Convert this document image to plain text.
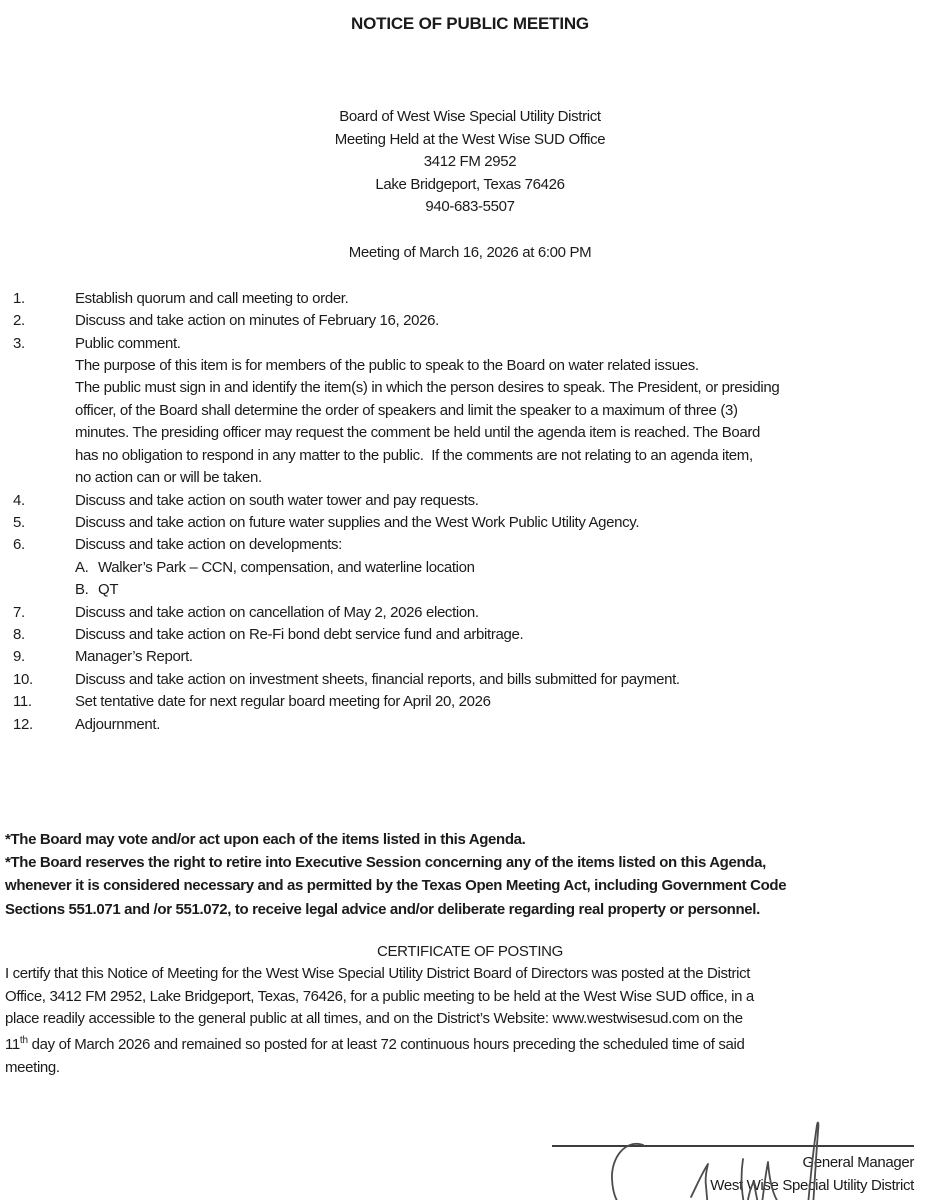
NOTICE OF PUBLIC MEETING
Board of West Wise Special Utility District
Meeting Held at the West Wise SUD Office
3412 FM 2952
Lake Bridgeport, Texas 76426
940-683-5507
Meeting of March 16, 2026 at 6:00 PM
1.	Establish quorum and call meeting to order.
2.	Discuss and take action on minutes of February 16, 2026.
3.	Public comment.
The purpose of this item is for members of the public to speak to the Board on water related issues.
The public must sign in and identify the item(s) in which the person desires to speak. The President, or presiding
officer, of the Board shall determine the order of speakers and limit the speaker to a maximum of three (3)
minutes. The presiding officer may request the comment be held until the agenda item is reached. The Board
has no obligation to respond in any matter to the public.  If the comments are not relating to an agenda item,
no action can or will be taken.
4.	Discuss and take action on south water tower and pay requests.
5.	Discuss and take action on future water supplies and the West Work Public Utility Agency.
6.	Discuss and take action on developments:
A. Walker’s Park – CCN, compensation, and waterline location
B. QT
7.	Discuss and take action on cancellation of May 2, 2026 election.
8.	Discuss and take action on Re-Fi bond debt service fund and arbitrage.
9.	Manager’s Report.
10.	Discuss and take action on investment sheets, financial reports, and bills submitted for payment.
11.	Set tentative date for next regular board meeting for April 20, 2026
12.	Adjournment.
*The Board may vote and/or act upon each of the items listed in this Agenda.
*The Board reserves the right to retire into Executive Session concerning any of the items listed on this Agenda,
whenever it is considered necessary and as permitted by the Texas Open Meeting Act, including Government Code
Sections 551.071 and /or 551.072, to receive legal advice and/or deliberate regarding real property or personnel.
CERTIFICATE OF POSTING
I certify that this Notice of Meeting for the West Wise Special Utility District Board of Directors was posted at the District
Office, 3412 FM 2952, Lake Bridgeport, Texas, 76426, for a public meeting to be held at the West Wise SUD office, in a
place readily accessible to the general public at all times, and on the District’s Website: www.westwisesud.com on the
11th day of March 2026 and remained so posted for at least 72 continuous hours preceding the scheduled time of said
meeting.
General Manager
West Wise Special Utility District
